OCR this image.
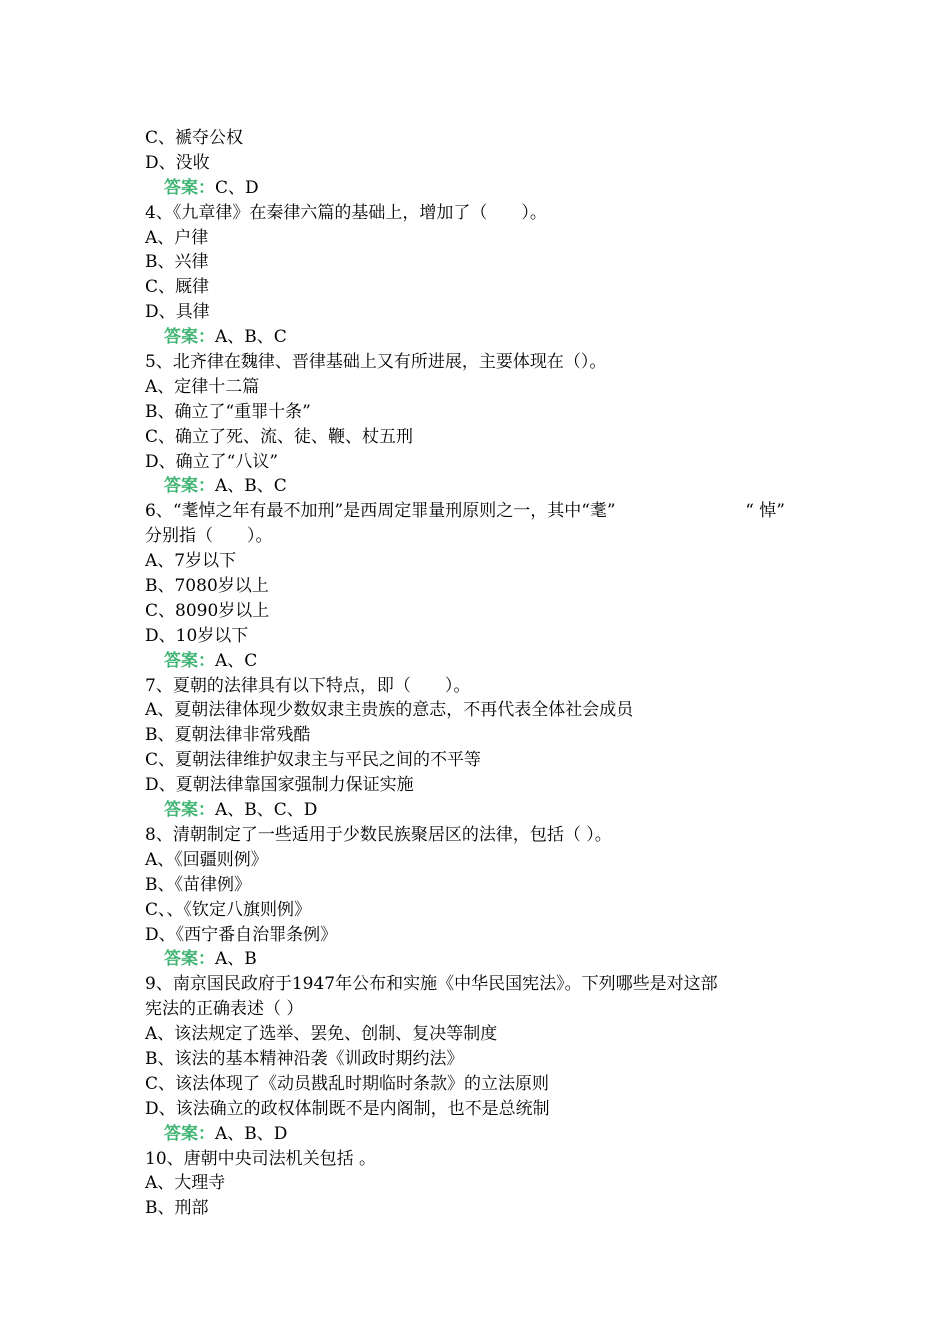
C、褫夺公权
D、没收
答案：C、D
4、《九章律》在秦律六篇的基础上，增加了（　　）。
A、户律
B、兴律
C、厩律
D、具律
答案：A、B、C
5、北齐律在魏律、晋律基础上又有所进展，主要体现在（）。
A、定律十二篇
B、确立了“重罪十条”
C、确立了死、流、徒、鞭、杖五刑
D、确立了“八议”
答案：A、B、C
6、“耄悼之年有最不加刑”是西周定罪量刑原则之一，其中“耄”	“ 悼”
分别指（　　）。
A、7岁以下
B、7080岁以上
C、8090岁以上
D、10岁以下
答案：A、C
7、夏朝的法律具有以下特点，即（　　）。
A、夏朝法律体现少数奴隶主贵族的意志，不再代表全体社会成员
B、夏朝法律非常残酷
C、夏朝法律维护奴隶主与平民之间的不平等
D、夏朝法律靠国家强制力保证实施
答案：A、B、C、D
8、清朝制定了一些适用于少数民族聚居区的法律，包括（ ）。
A、《回疆则例》
B、《苗律例》
C、、《钦定八旗则例》
D、《西宁番自治罪条例》
答案：A、B
9、南京国民政府于1947年公布和实施《中华民国宪法》。下列哪些是对这部
宪法的正确表述（ ）
A、该法规定了选举、罢免、创制、复决等制度
B、该法的基本精神沿袭《训政时期约法》
C、该法体现了《动员戡乱时期临时条款》的立法原则
D、该法确立的政权体制既不是内阁制，也不是总统制
答案：A、B、D
10、唐朝中央司法机关包括 。
A、大理寺
B、刑部
